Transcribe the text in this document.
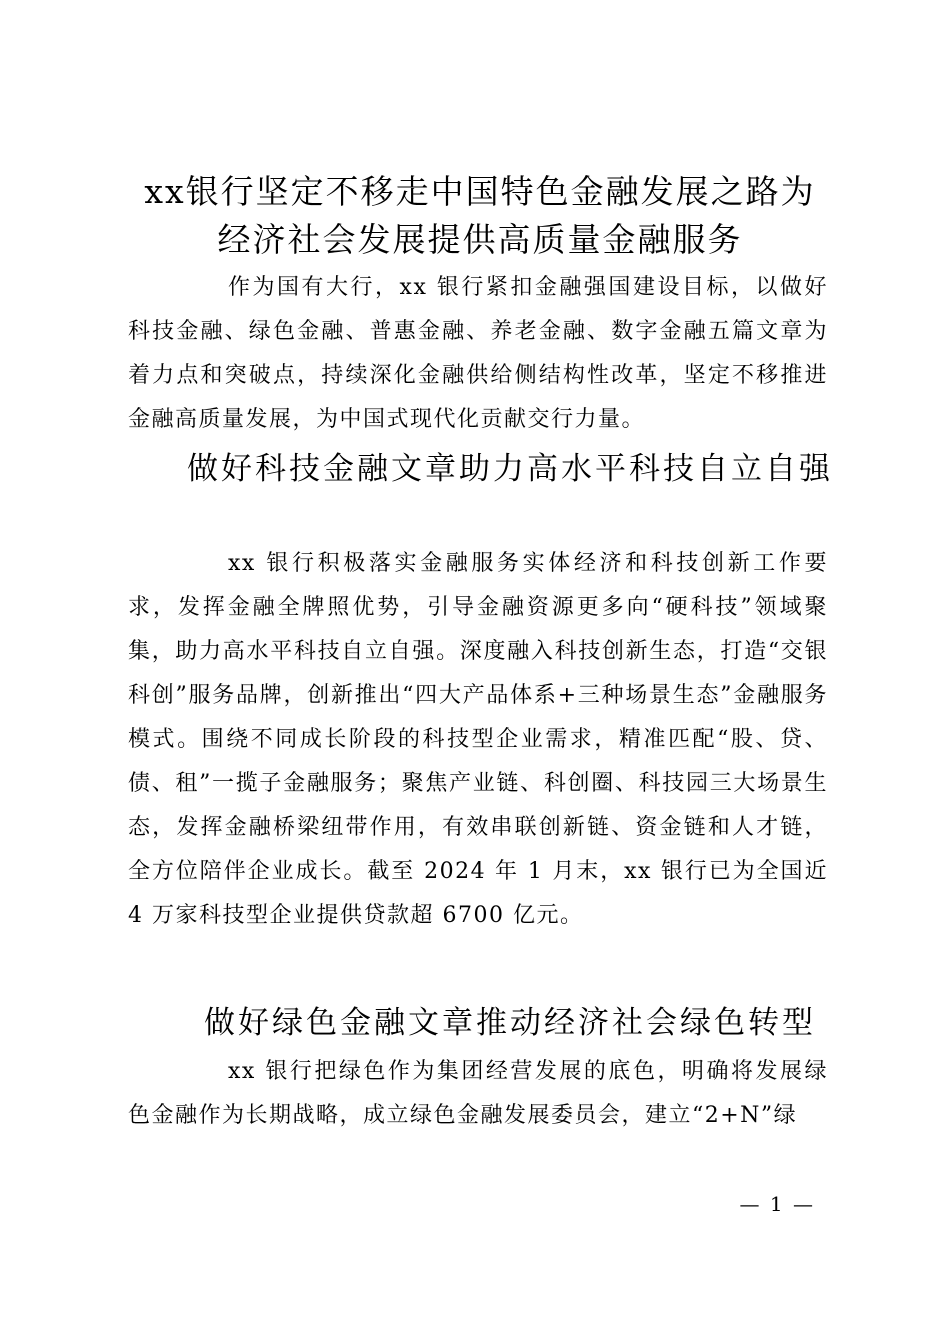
xx银行坚定不移走中国特色金融发展之路为
经济社会发展提供高质量金融服务

作为国有大行，xx 银行紧扣金融强国建设目标，以做好科技金融、绿色金融、普惠金融、养老金融、数字金融五篇文章为着力点和突破点，持续深化金融供给侧结构性改革，坚定不移推进金融高质量发展，为中国式现代化贡献交行力量。

做好科技金融文章助力高水平科技自立自强

xx 银行积极落实金融服务实体经济和科技创新工作要求，发挥金融全牌照优势，引导金融资源更多向“硬科技”领域聚集，助力高水平科技自立自强。深度融入科技创新生态，打造“交银科创”服务品牌，创新推出“四大产品体系+三种场景生态”金融服务模式。围绕不同成长阶段的科技型企业需求，精准匹配“股、贷、债、租”一揽子金融服务；聚焦产业链、科创圈、科技园三大场景生态，发挥金融桥梁纽带作用，有效串联创新链、资金链和人才链，全方位陪伴企业成长。截至 2024 年 1 月末，xx 银行已为全国近 4 万家科技型企业提供贷款超 6700 亿元。

做好绿色金融文章推动经济社会绿色转型

xx 银行把绿色作为集团经营发展的底色，明确将发展绿色金融作为长期战略，成立绿色金融发展委员会，建立“2+N”绿

— 1 —
